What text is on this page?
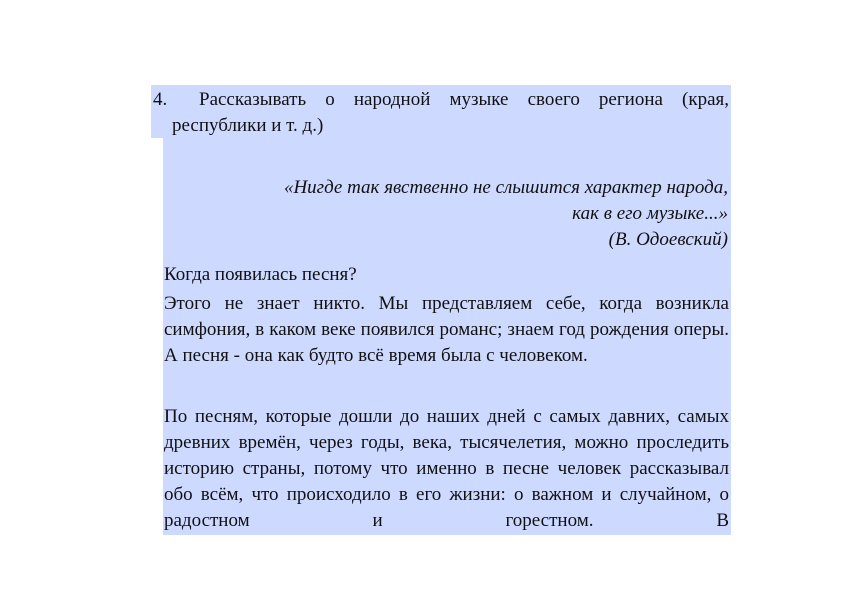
4.	Рассказывать о народной музыке своего региона (края,
республики и т. д.)
«Нигде так явственно не слышится характер народа,
как в его музыке...»
(В. Одоевский)
Когда появилась песня?
Этого не знает никто. Мы представляем себе, когда возникла симфония, в каком веке появился романс; знаем год рождения оперы. А песня - она как будто всё время была с человеком.
По песням, которые дошли до наших дней с самых давних, самых древних времён, через годы, века, тысячелетия, можно проследить историю страны, потому что именно в песне человек рассказывал обо всём, что происходило в его жизни: о важном и случайном, о радостном и горестном. В
